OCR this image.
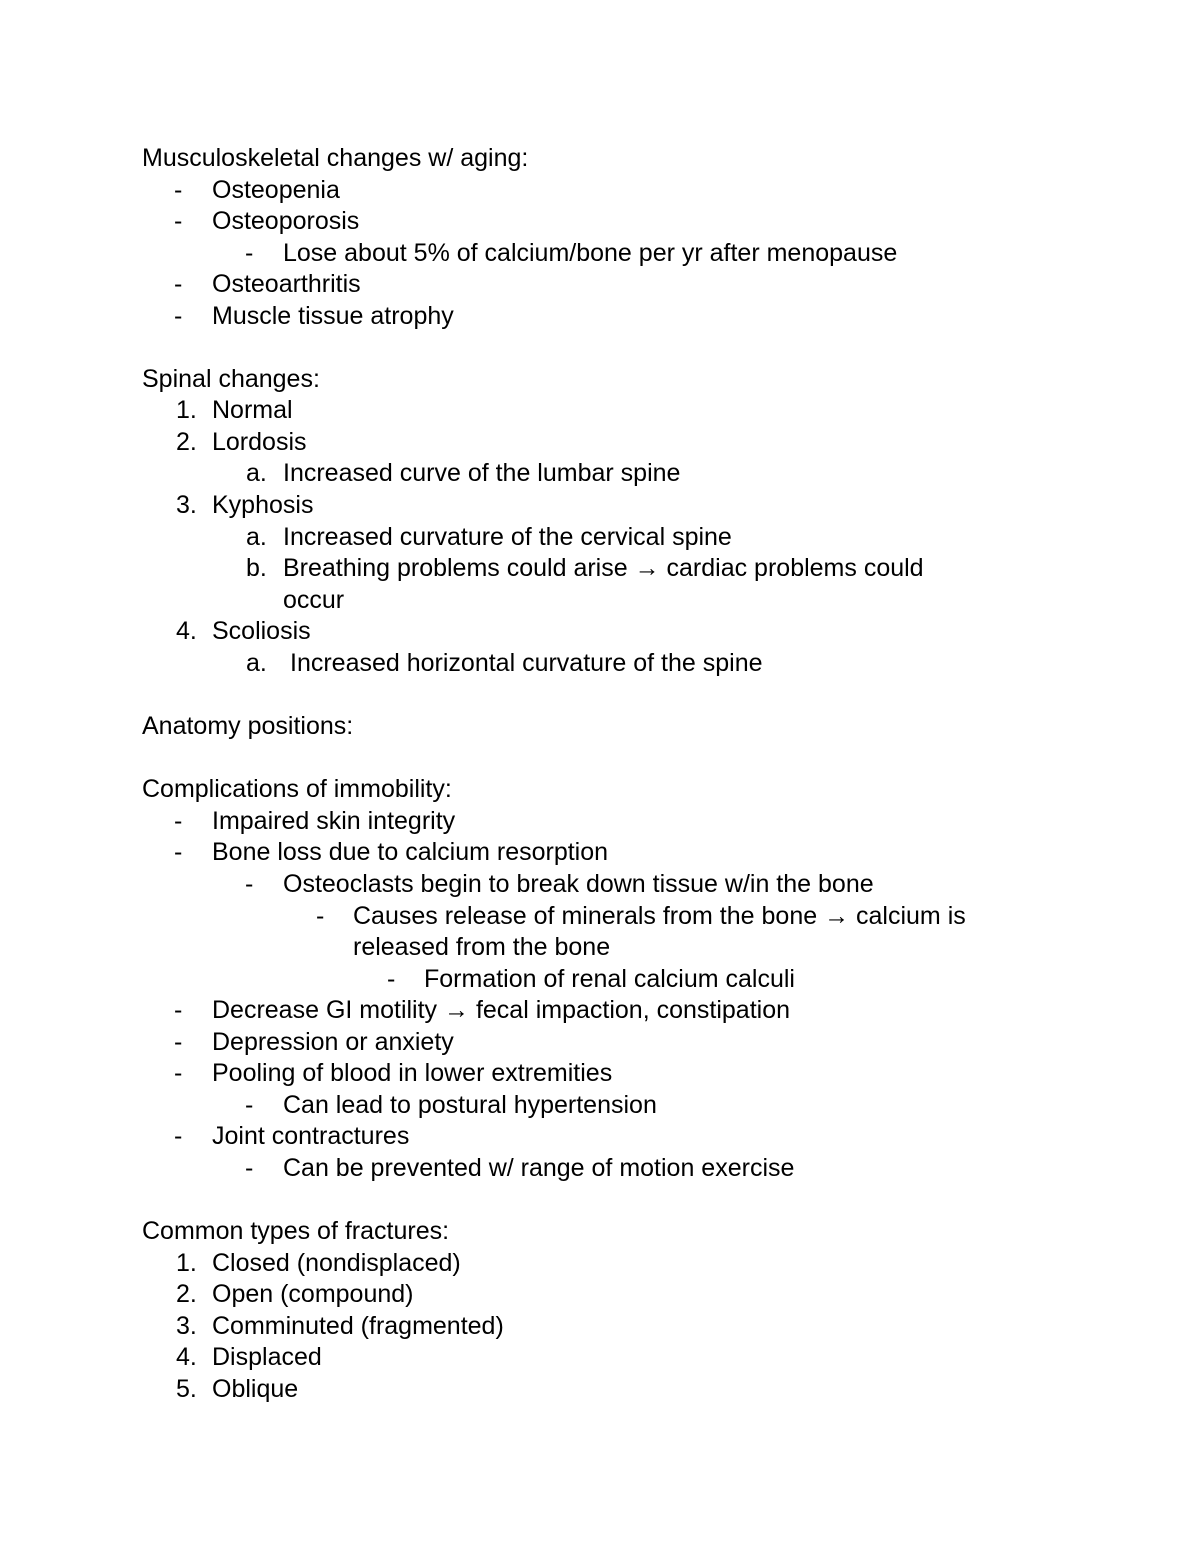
Musculoskeletal changes w/ aging:
- Osteopenia
- Osteoporosis
- Lose about 5% of calcium/bone per yr after menopause
- Osteoarthritis
- Muscle tissue atrophy
Spinal changes:
1. Normal
2. Lordosis
a. Increased curve of the lumbar spine
3. Kyphosis
a. Increased curvature of the cervical spine
b. Breathing problems could arise → cardiac problems could
occur
4. Scoliosis
a. Increased horizontal curvature of the spine
Anatomy positions:
Complications of immobility:
- Impaired skin integrity
- Bone loss due to calcium resorption
- Osteoclasts begin to break down tissue w/in the bone
- Causes release of minerals from the bone → calcium is
released from the bone
- Formation of renal calcium calculi
- Decrease GI motility → fecal impaction, constipation
- Depression or anxiety
- Pooling of blood in lower extremities
- Can lead to postural hypertension
- Joint contractures
- Can be prevented w/ range of motion exercise
Common types of fractures:
1. Closed (nondisplaced)
2. Open (compound)
3. Comminuted (fragmented)
4. Displaced
5. Oblique
